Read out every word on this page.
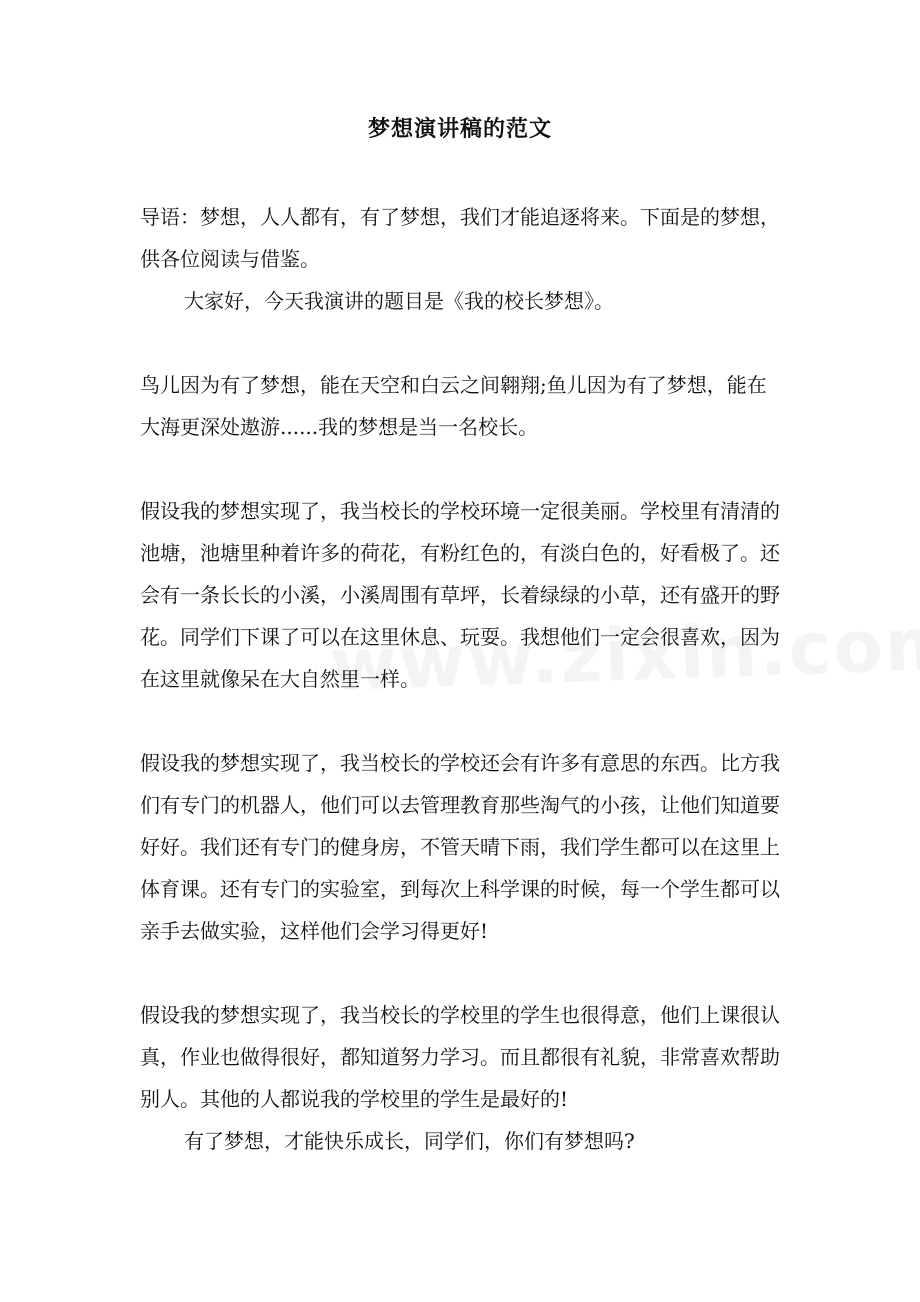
梦想演讲稿的范文

导语：梦想，人人都有，有了梦想，我们才能追逐将来。下面是的梦想，供各位阅读与借鉴。

大家好，今天我演讲的题目是《我的校长梦想》。

鸟儿因为有了梦想，能在天空和白云之间翱翔;鱼儿因为有了梦想，能在大海更深处遨游......我的梦想是当一名校长。

假设我的梦想实现了，我当校长的学校环境一定很美丽。学校里有清清的池塘，池塘里种着许多的荷花，有粉红色的，有淡白色的，好看极了。还会有一条长长的小溪，小溪周围有草坪，长着绿绿的小草，还有盛开的野花。同学们下课了可以在这里休息、玩耍。我想他们一定会很喜欢，因为在这里就像呆在大自然里一样。

假设我的梦想实现了，我当校长的学校还会有许多有意思的东西。比方我们有专门的机器人，他们可以去管理教育那些淘气的小孩，让他们知道要好好。我们还有专门的健身房，不管天晴下雨，我们学生都可以在这里上体育课。还有专门的实验室，到每次上科学课的时候，每一个学生都可以亲手去做实验，这样他们会学习得更好!

假设我的梦想实现了，我当校长的学校里的学生也很得意，他们上课很认真，作业也做得很好，都知道努力学习。而且都很有礼貌，非常喜欢帮助别人。其他的人都说我的学校里的学生是最好的!

有了梦想，才能快乐成长，同学们，你们有梦想吗?
